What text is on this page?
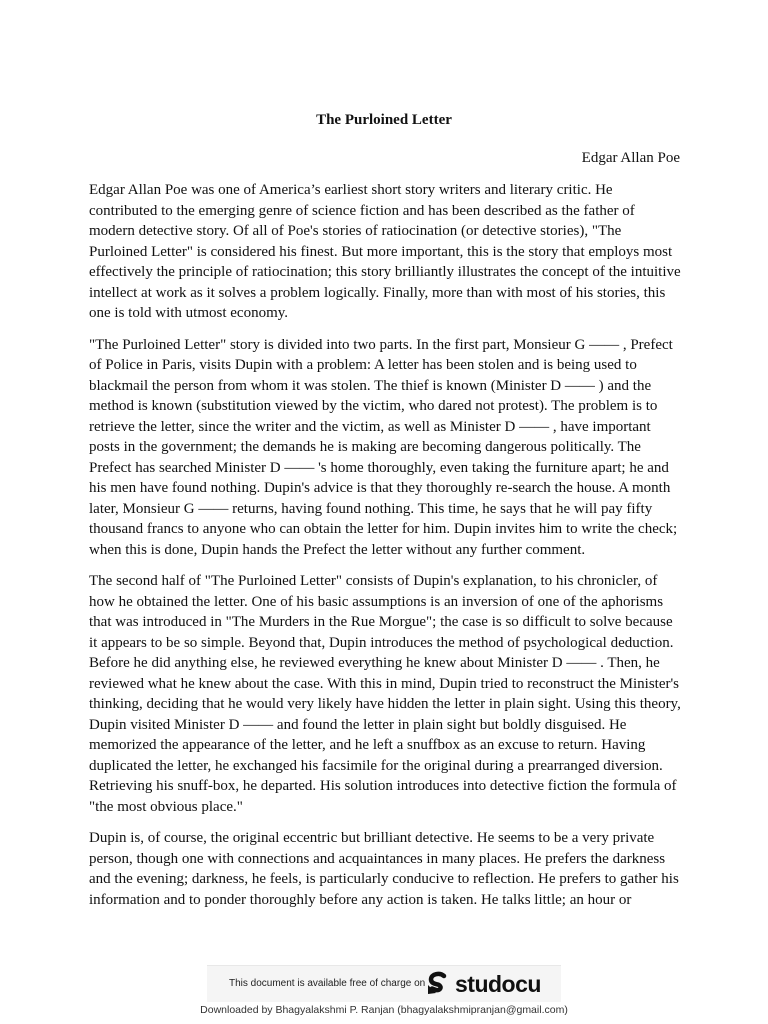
The Purloined Letter
Edgar Allan Poe

Edgar Allan Poe was one of America’s earliest short story writers and literary critic. He contributed to the emerging genre of science fiction and has been described as the father of modern detective story. Of all of Poe's stories of ratiocination (or detective stories), "The Purloined Letter" is considered his finest. But more important, this is the story that employs most effectively the principle of ratiocination; this story brilliantly illustrates the concept of the intuitive intellect at work as it solves a problem logically. Finally, more than with most of his stories, this one is told with utmost economy.

"The Purloined Letter" story is divided into two parts. In the first part, Monsieur G —— , Prefect of Police in Paris, visits Dupin with a problem: A letter has been stolen and is being used to blackmail the person from whom it was stolen. The thief is known (Minister D —— ) and the method is known (substitution viewed by the victim, who dared not protest). The problem is to retrieve the letter, since the writer and the victim, as well as Minister D —— , have important posts in the government; the demands he is making are becoming dangerous politically. The Prefect has searched Minister D —— 's home thoroughly, even taking the furniture apart; he and his men have found nothing. Dupin's advice is that they thoroughly re-search the house. A month later, Monsieur G —— returns, having found nothing. This time, he says that he will pay fifty thousand francs to anyone who can obtain the letter for him. Dupin invites him to write the check; when this is done, Dupin hands the Prefect the letter without any further comment.

The second half of "The Purloined Letter" consists of Dupin's explanation, to his chronicler, of how he obtained the letter. One of his basic assumptions is an inversion of one of the aphorisms that was introduced in "The Murders in the Rue Morgue"; the case is so difficult to solve because it appears to be so simple. Beyond that, Dupin introduces the method of psychological deduction. Before he did anything else, he reviewed everything he knew about Minister D —— . Then, he reviewed what he knew about the case. With this in mind, Dupin tried to reconstruct the Minister's thinking, deciding that he would very likely have hidden the letter in plain sight. Using this theory, Dupin visited Minister D —— and found the letter in plain sight but boldly disguised. He memorized the appearance of the letter, and he left a snuffbox as an excuse to return. Having duplicated the letter, he exchanged his facsimile for the original during a prearranged diversion. Retrieving his snuff-box, he departed. His solution introduces into detective fiction the formula of "the most obvious place."

Dupin is, of course, the original eccentric but brilliant detective. He seems to be a very private person, though one with connections and acquaintances in many places. He prefers the darkness and the evening; darkness, he feels, is particularly conducive to reflection. He prefers to gather his information and to ponder thoroughly before any action is taken. He talks little; an hour or

This document is available free of charge on studocu
Downloaded by Bhagyalakshmi P. Ranjan (bhagyalakshmipranjan@gmail.com)
